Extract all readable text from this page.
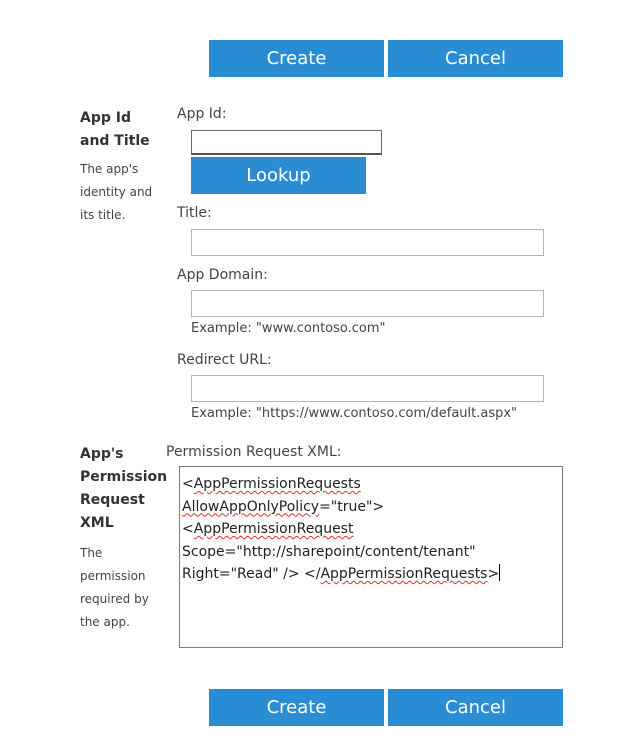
Create	Cancel
App Id
and Title
The app's
identity and
its title.
App Id:
Lookup
Title:
App Domain:
Example: "www.contoso.com"
Redirect URL:
Example: "https://www.contoso.com/default.aspx"
App's
Permission
Request
XML
The
permission
required by
the app.
Permission Request XML:
<AppPermissionRequests
AllowAppOnlyPolicy="true">
<AppPermissionRequest
Scope="http://sharepoint/content/tenant"
Right="Read" /> </AppPermissionRequests>
Create	Cancel
